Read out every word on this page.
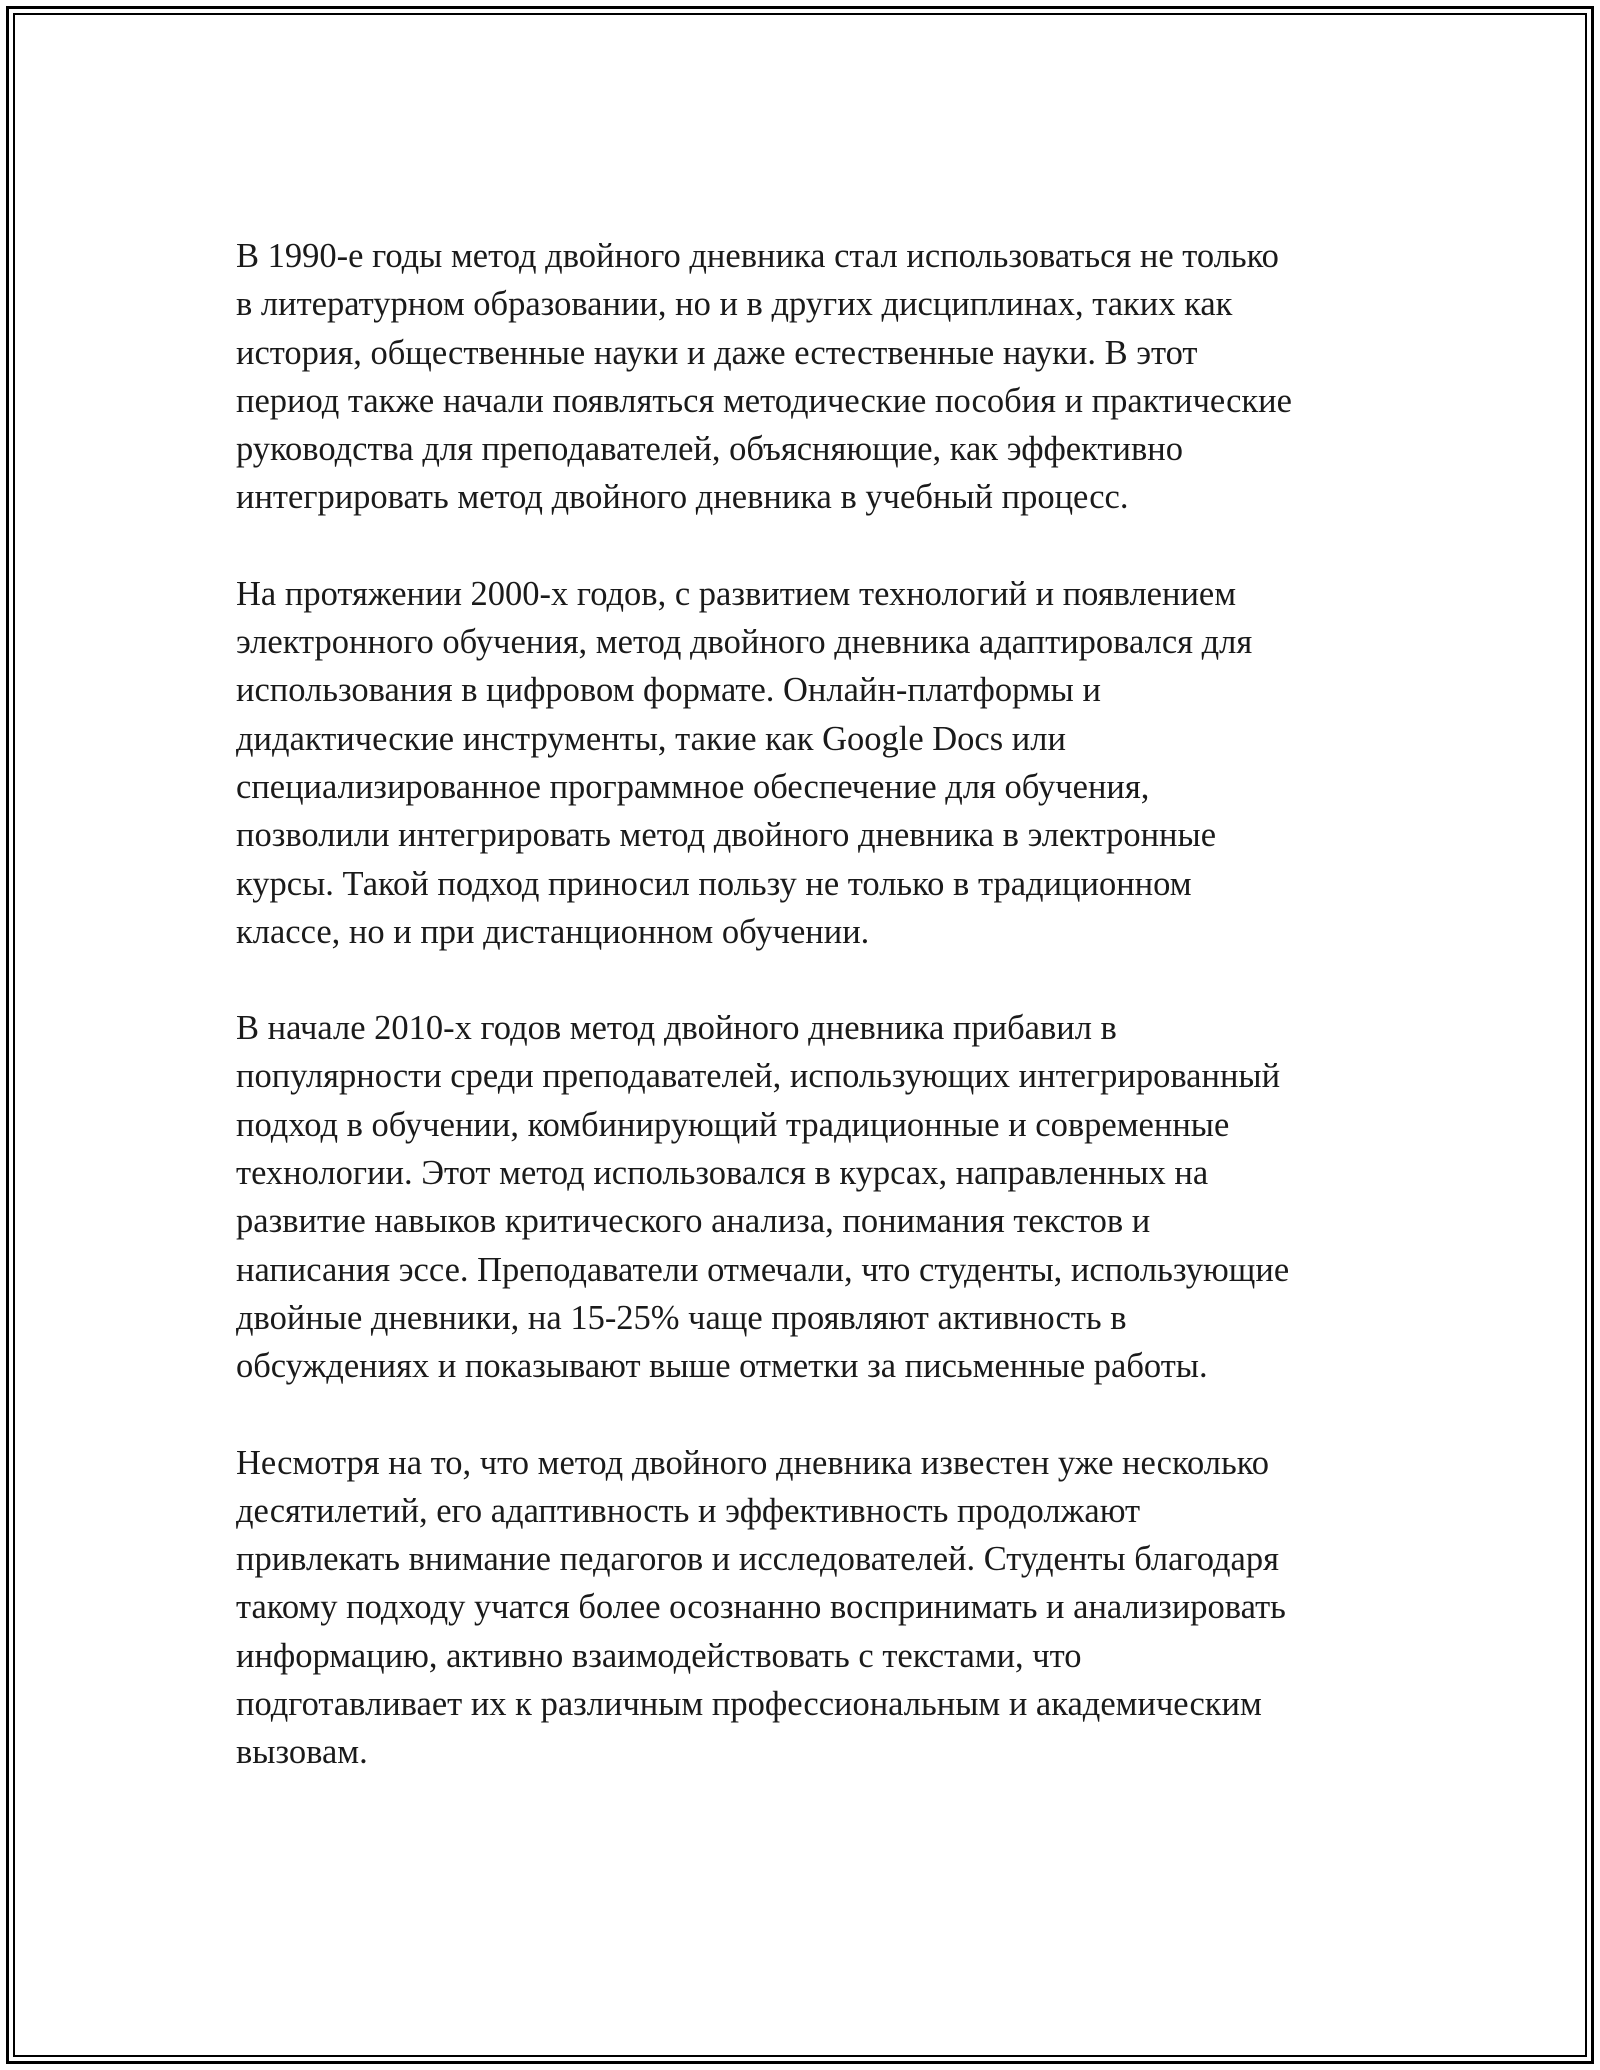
В 1990-е годы метод двойного дневника стал использоваться не только
в литературном образовании, но и в других дисциплинах, таких как
история, общественные науки и даже естественные науки. В этот
период также начали появляться методические пособия и практические
руководства для преподавателей, объясняющие, как эффективно
интегрировать метод двойного дневника в учебный процесс.

На протяжении 2000-х годов, с развитием технологий и появлением
электронного обучения, метод двойного дневника адаптировался для
использования в цифровом формате. Онлайн-платформы и
дидактические инструменты, такие как Google Docs или
специализированное программное обеспечение для обучения,
позволили интегрировать метод двойного дневника в электронные
курсы. Такой подход приносил пользу не только в традиционном
классе, но и при дистанционном обучении.

В начале 2010-х годов метод двойного дневника прибавил в
популярности среди преподавателей, использующих интегрированный
подход в обучении, комбинирующий традиционные и современные
технологии. Этот метод использовался в курсах, направленных на
развитие навыков критического анализа, понимания текстов и
написания эссе. Преподаватели отмечали, что студенты, использующие
двойные дневники, на 15-25% чаще проявляют активность в
обсуждениях и показывают выше отметки за письменные работы.

Несмотря на то, что метод двойного дневника известен уже несколько
десятилетий, его адаптивность и эффективность продолжают
привлекать внимание педагогов и исследователей. Студенты благодаря
такому подходу учатся более осознанно воспринимать и анализировать
информацию, активно взаимодействовать с текстами, что
подготавливает их к различным профессиональным и академическим
вызовам.
